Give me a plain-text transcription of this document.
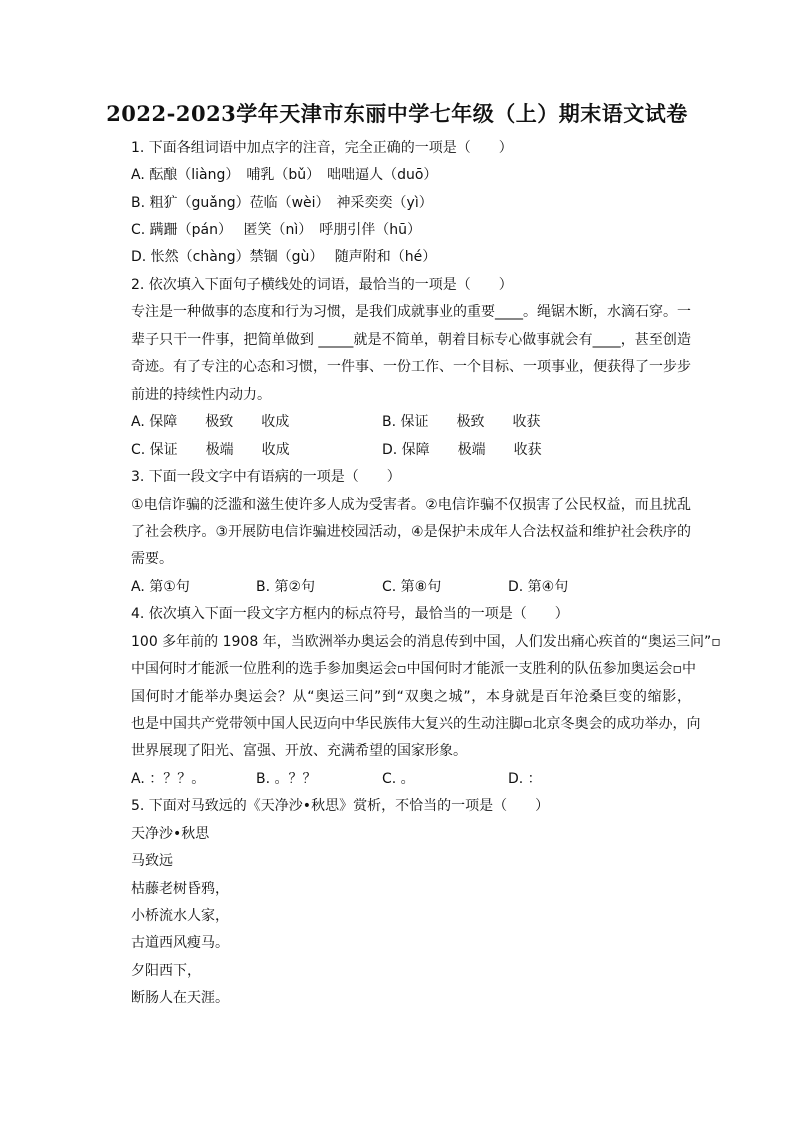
2022-2023学年天津市东丽中学七年级（上）期末语文试卷
1. 下面各组词语中加点字的注音，完全正确的一项是（　　）
A. 酝酿（liàng）　哺乳（bǔ）　咄咄逼人（duō）
B. 粗犷（guǎng）莅临（wèi）　神采奕奕（yì）
C. 蹒跚（pán）　 匿笑（nì）　呼朋引伴（hū）
D. 怅然（chàng）禁锢（gù）　 随声附和（hé）
2. 依次填入下面句子横线处的词语，最恰当的一项是（　　）
专注是一种做事的态度和行为习惯，是我们成就事业的重要____。绳锯木断，水滴石穿。一
辈子只干一件事，把简单做到 _____就是不简单，朝着目标专心做事就会有____，甚至创造
奇迹。有了专注的心态和习惯，一件事、一份工作、一个目标、一项事业，便获得了一步步
前进的持续性内动力。
A. 保障　　极致　　收成	B. 保证　　极致　　收获
C. 保证　　极端　　收成	D. 保障　　极端　　收获
3. 下面一段文字中有语病的一项是（　　）
①电信诈骗的泛滥和滋生使许多人成为受害者。②电信诈骗不仅损害了公民权益，而且扰乱
了社会秩序。③开展防电信诈骗进校园活动，④是保护未成年人合法权益和维护社会秩序的
需要。
A. 第①句	B. 第②句	C. 第⑧句	D. 第④句
4. 依次填入下面一段文字方框内的标点符号，最恰当的一项是（　　）
100 多年前的 1908 年，当欧洲举办奥运会的消息传到中国，人们发出痛心疾首的“奥运三问”▫
中国何时才能派一位胜利的选手参加奥运会▫中国何时才能派一支胜利的队伍参加奥运会▫中
国何时才能举办奥运会？从“奥运三问”到“双奥之城”，本身就是百年沧桑巨变的缩影，
也是中国共产党带领中国人民迈向中华民族伟大复兴的生动注脚▫北京冬奥会的成功举办，向
世界展现了阳光、富强、开放、充满希望的国家形象。
A. ：？？。	B. 。？？	C. 。	D. ：
5. 下面对马致远的《天净沙•秋思》赏析，不恰当的一项是（　　）
天净沙•秋思
马致远
枯藤老树昏鸦，
小桥流水人家，
古道西风瘦马。
夕阳西下，
断肠人在天涯。
